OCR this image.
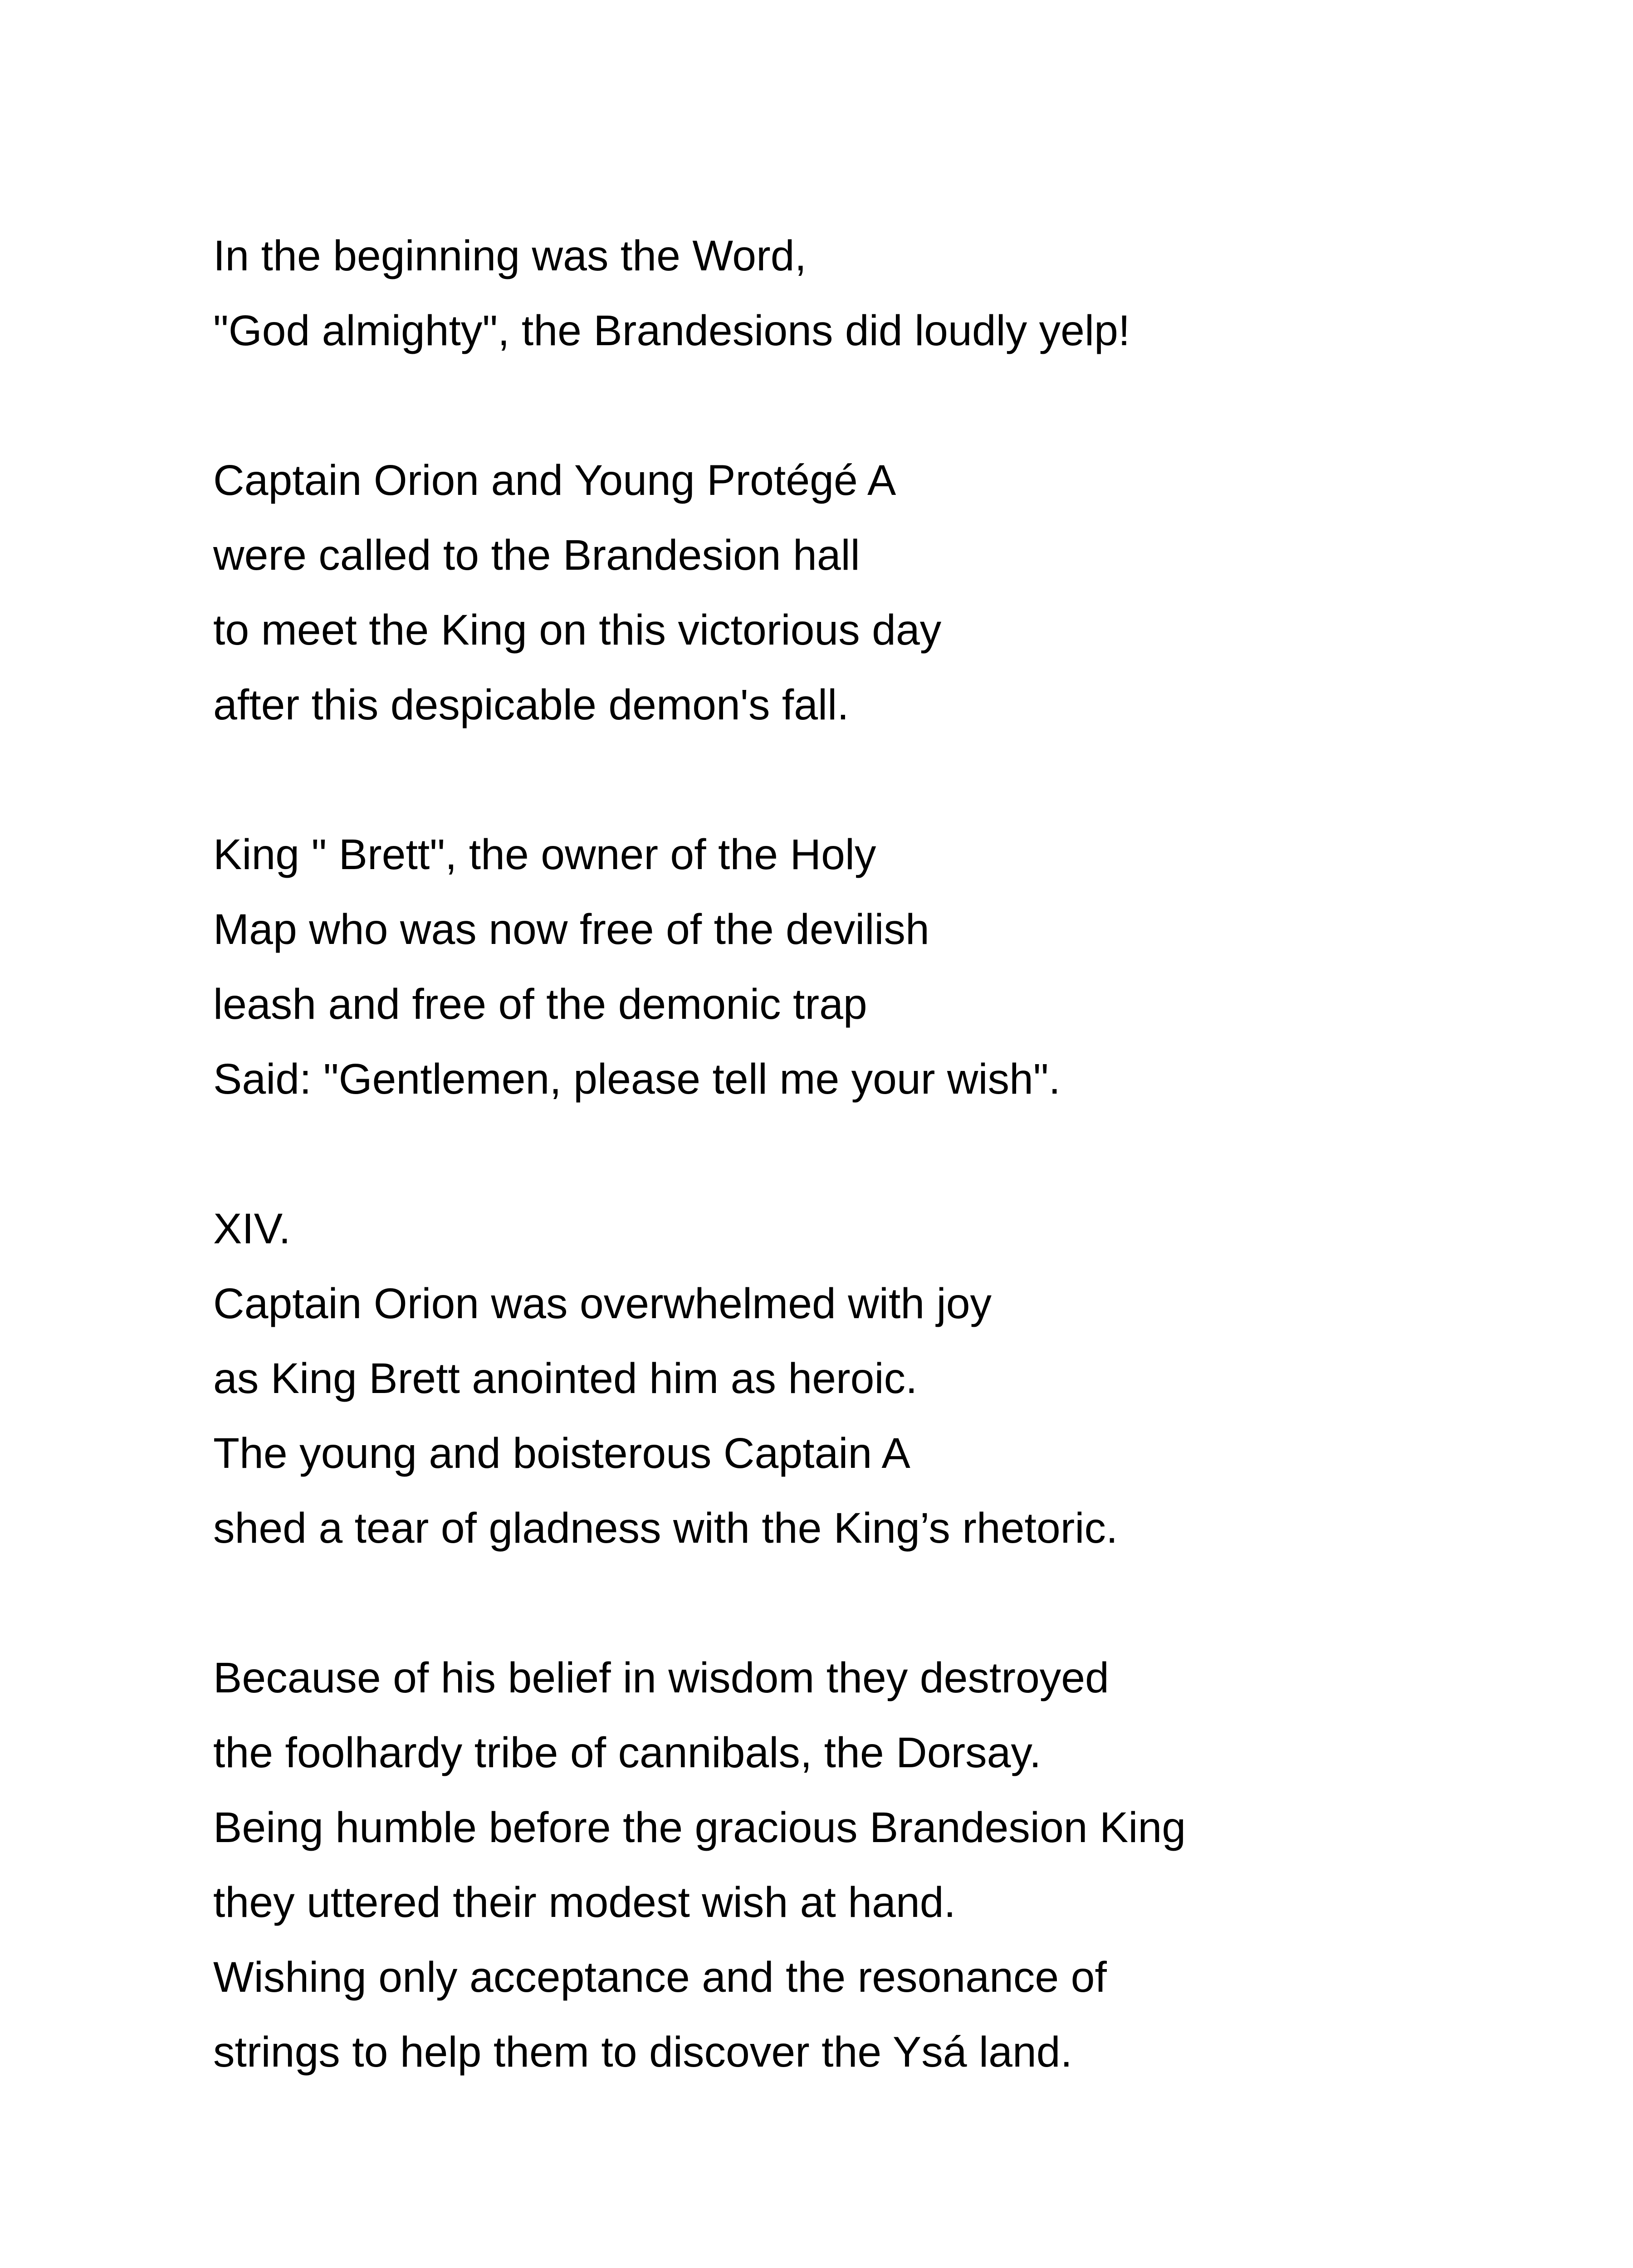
In the beginning was the Word,
"God almighty", the Brandesions did loudly yelp!
Captain Orion and Young Protégé A
were called to the Brandesion hall
to meet the King on this victorious day
after this despicable demon's fall.
King " Brett", the owner of the Holy
Map who was now free of the devilish
leash and free of the demonic trap
Said: "Gentlemen, please tell me your wish".
XIV.
Captain Orion was overwhelmed with joy
as King Brett anointed him as heroic.
The young and boisterous Captain A
shed a tear of gladness with the King’s rhetoric.
Because of his belief in wisdom they destroyed
the foolhardy tribe of cannibals, the Dorsay.
Being humble before the gracious Brandesion King
they uttered their modest wish at hand.
Wishing only acceptance and the resonance of
strings to help them to discover the Ysá land.
